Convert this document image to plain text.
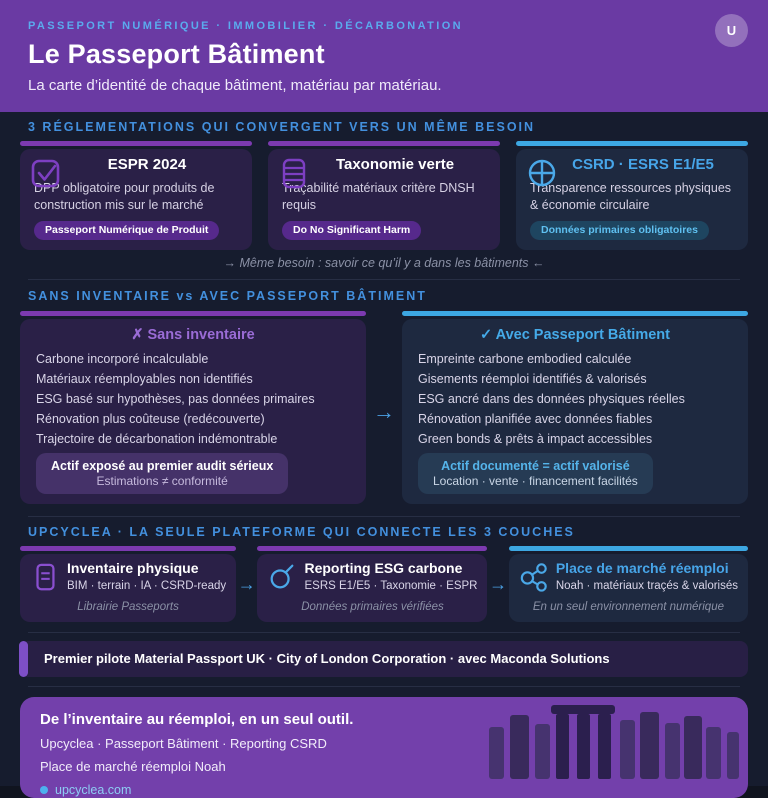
PASSEPORT NUMÉRIQUE · IMMOBILIER · DÉCARBONATION
Le Passeport Bâtiment
La carte d’identité de chaque bâtiment, matériau par matériau.
U
3 RÉGLEMENTATIONS QUI CONVERGENT VERS UN MÊME BESOIN
ESPR 2024
DPP obligatoire pour produits de construction mis sur le marché
Passeport Numérique de Produit
Taxonomie verte
Traçabilité matériaux critère DNSH requis
Do No Significant Harm
CSRD · ESRS E1/E5
Transparence ressources physiques & économie circulaire
Données primaires obligatoires
→ Même besoin : savoir ce qu’il y a dans les bâtiments ←
SANS INVENTAIRE vs AVEC PASSEPORT BÂTIMENT
✗ Sans inventaire
Carbone incorporé incalculable
Matériaux réemployables non identifiés
ESG basé sur hypothèses, pas données primaires
Rénovation plus coûteuse (redécouverte)
Trajectoire de décarbonation indémontrable
Actif exposé au premier audit sérieux
Estimations ≠ conformité
→
✓ Avec Passeport Bâtiment
Empreinte carbone embodied calculée
Gisements réemploi identifiés & valorisés
ESG ancré dans des données physiques réelles
Rénovation planifiée avec données fiables
Green bonds & prêts à impact accessibles
Actif documenté = actif valorisé
Location · vente · financement facilités
UPCYCLEA · LA SEULE PLATEFORME QUI CONNECTE LES 3 COUCHES
Inventaire physique
BIM · terrain · IA · CSRD-ready
Librairie Passeports
→
Reporting ESG carbone
ESRS E1/E5 · Taxonomie · ESPR
Données primaires vérifiées
→
Place de marché réemploi
Noah · matériaux traçés & valorisés
En un seul environnement numérique
Premier pilote Material Passport UK · City of London Corporation · avec Maconda Solutions
De l’inventaire au réemploi, en un seul outil.
Upcyclea · Passeport Bâtiment · Reporting CSRD
Place de marché réemploi Noah
upcyclea.com
